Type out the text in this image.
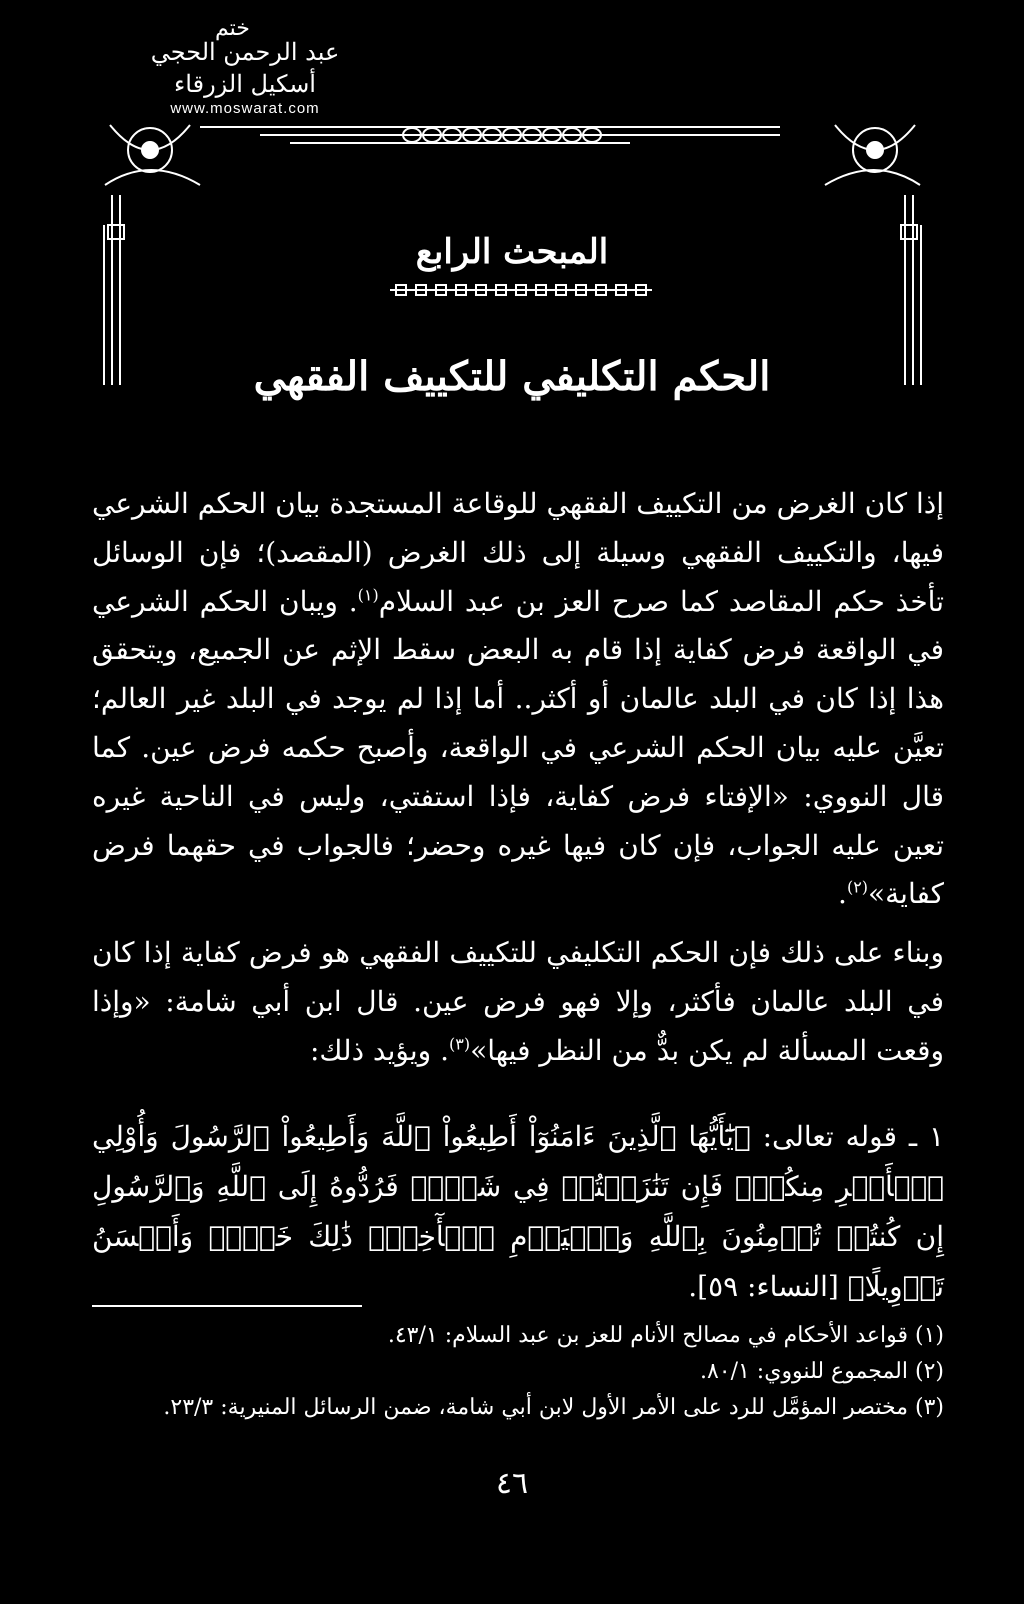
ﺧﺘﻢ
عبد الرحمن الحجي
أسكيل الزرقاء
www.moswarat.com
المبحث الرابع
الحكم التكليفي للتكييف الفقهي

إذا كان الغرض من التكييف الفقهي للوقاعة المستجدة بيان الحكم الشرعي فيها، والتكييف الفقهي وسيلة إلى ذلك الغرض (المقصد)؛ فإن الوسائل تأخذ حكم المقاصد كما صرح العز بن عبد السلام$^{(١)}$. ويبان الحكم الشرعي في الواقعة فرض كفاية إذا قام به البعض سقط الإثم عن الجميع، ويتحقق هذا إذا كان في البلد عالمان أو أكثر.. أما إذا لم يوجد في البلد غير العالم؛ تعيَّن عليه بيان الحكم الشرعي في الواقعة، وأصبح حكمه فرض عين. كما قال النووي: «الإفتاء فرض كفاية، فإذا استفتي، وليس في الناحية غيره تعين عليه الجواب، فإن كان فيها غيره وحضر؛ فالجواب في حقهما فرض كفاية»$^{(٢)}$.

وبناء على ذلك فإن الحكم التكليفي للتكييف الفقهي هو فرض كفاية إذا كان في البلد عالمان فأكثر، وإلا فهو فرض عين. قال ابن أبي شامة: «وإذا وقعت المسألة لم يكن بدٌّ من النظر فيها»$^{(٣)}$. ويؤيد ذلك:

١ ـ قوله تعالى: ﴿يَٰٓأَيُّهَا ٱلَّذِينَ ءَامَنُوٓاْ أَطِيعُواْ ٱللَّهَ وَأَطِيعُواْ ٱلرَّسُولَ وَأُوْلِي ٱلۡأَمۡرِ مِنكُمۡۖ فَإِن تَنَٰزَعۡتُمۡ فِي شَيۡءٖ فَرُدُّوهُ إِلَى ٱللَّهِ وَٱلرَّسُولِ إِن كُنتُمۡ تُؤۡمِنُونَ بِٱللَّهِ وَٱلۡيَوۡمِ ٱلۡأٓخِرِۚ ذَٰلِكَ خَيۡرٞ وَأَحۡسَنُ تَأۡوِيلًا﴾ [النساء: ٥٩].
(١) قواعد الأحكام في مصالح الأنام للعز بن عبد السلام: ٤٣/١.
(٢) المجموع للنووي: ٨٠/١.
(٣) مختصر المؤمَّل للرد على الأمر الأول لابن أبي شامة، ضمن الرسائل المنيرية: ٢٣/٣.
٤٦
